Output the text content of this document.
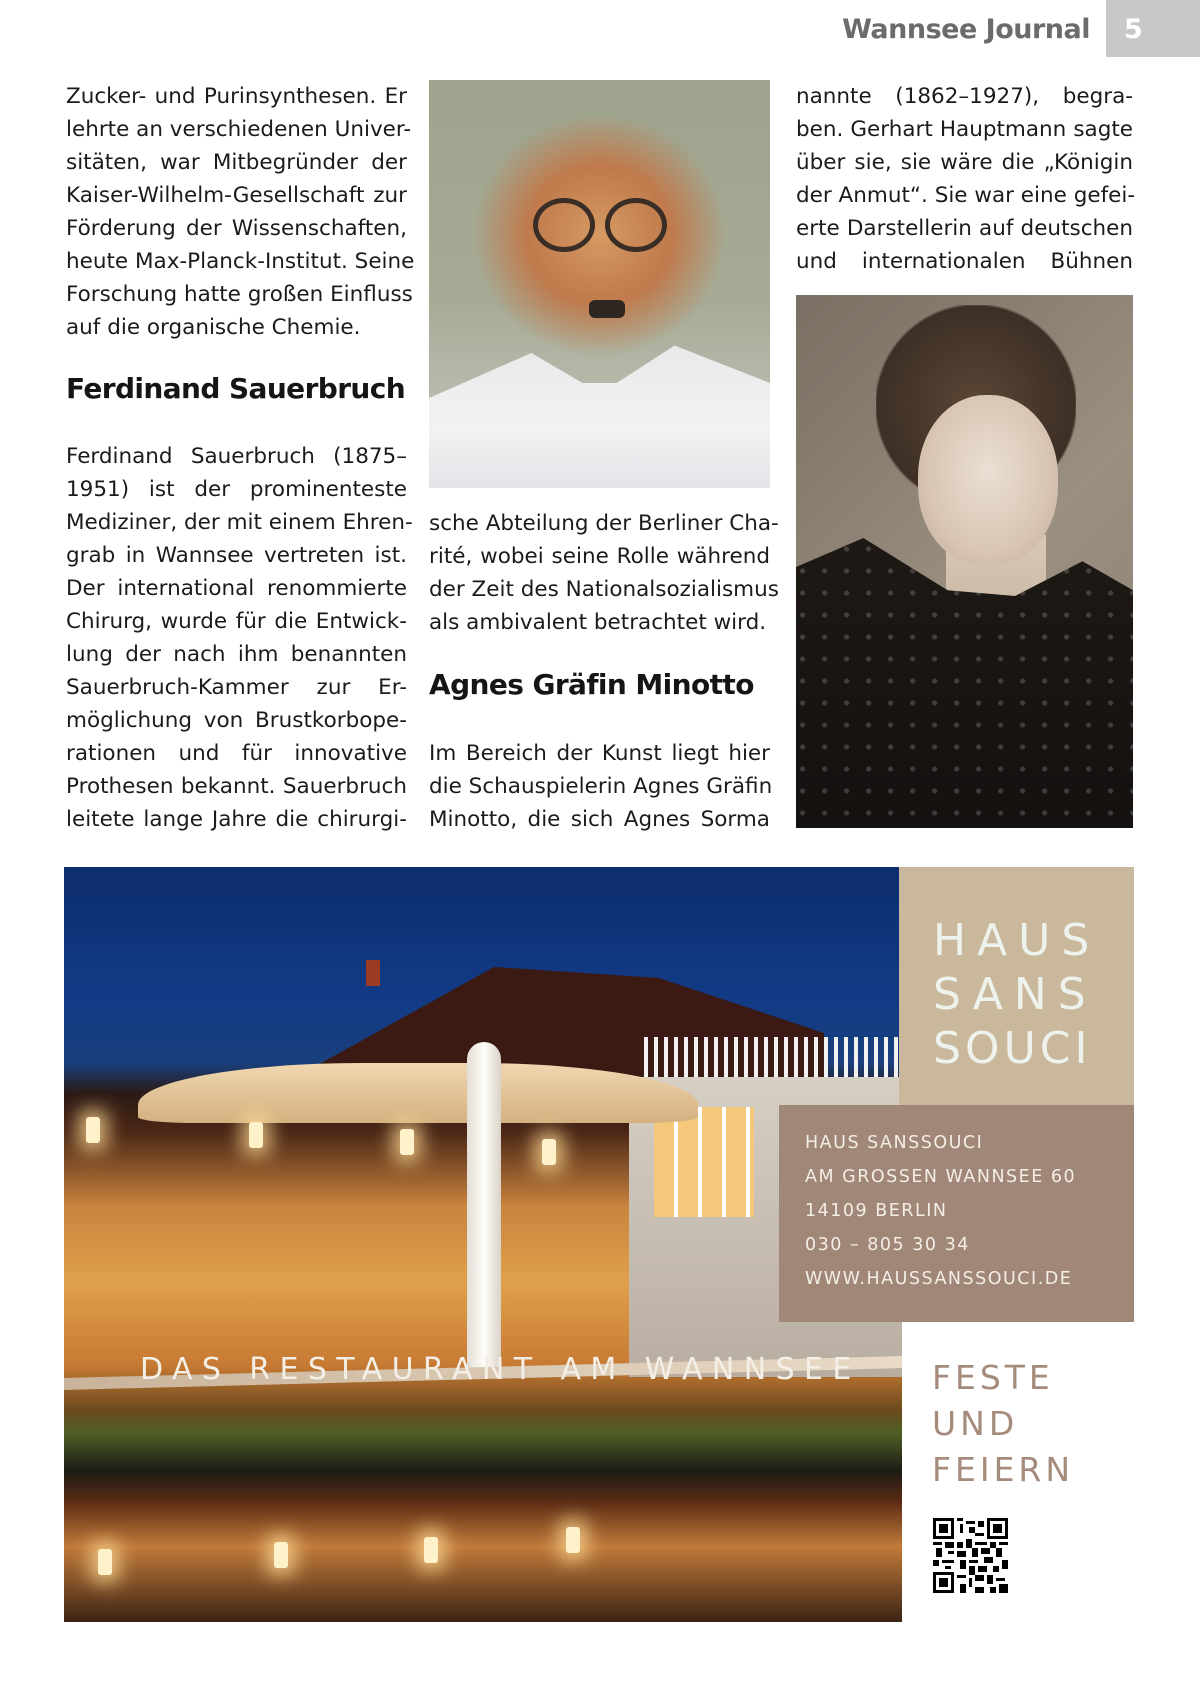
Wannsee Journal 5
Zucker- und Purinsynthesen. Er
lehrte an verschiedenen Univer-
sitäten, war Mitbegründer der
Kaiser-Wilhelm-Gesellschaft zur
Förderung der Wissenschaften,
heute Max-Planck-Institut. Seine
Forschung hatte großen Einfluss
auf die organische Chemie.
Ferdinand Sauerbruch
Ferdinand Sauerbruch (1875–
1951) ist der prominenteste
Mediziner, der mit einem Ehren-
grab in Wannsee vertreten ist.
Der international renommierte
Chirurg, wurde für die Entwick-
lung der nach ihm benannten
Sauerbruch-Kammer zur Er-
möglichung von Brustkorbope-
rationen und für innovative
Prothesen bekannt. Sauerbruch
leitete lange Jahre die chirurgi-
sche Abteilung der Berliner Cha-
rité, wobei seine Rolle während
der Zeit des Nationalsozialismus
als ambivalent betrachtet wird.
Agnes Gräfin Minotto
Im Bereich der Kunst liegt hier
die Schauspielerin Agnes Gräfin
Minotto, die sich Agnes Sorma
nannte (1862–1927), begra-
ben. Gerhart Hauptmann sagte
über sie, sie wäre die „Königin
der Anmut“. Sie war eine gefei-
erte Darstellerin auf deutschen
und internationalen Bühnen
DAS RESTAURANT AM WANNSEE
HAUS
SANS
SOUCI
HAUS SANSSOUCI
AM GROSSEN WANNSEE 60
14109 BERLIN
030 – 805 30 34
WWW.HAUSSANSSOUCI.DE
FESTE
UND
FEIERN
